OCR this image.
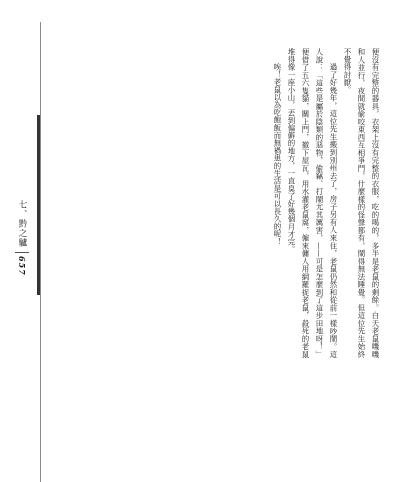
七、黔之驢
657	便沒有完整的器具，衣架上沒有完整的衣服，吃的喝的，多半是老鼠的剩餘。白天老鼠嘰嘰和人並行，夜間就偷咬東西互相爭鬥，什麼樣的怪聲都有，鬧得無法睡覺。但這位先生始終不覺得討厭。

過了好幾年，這位先生搬到別州去了，房子另有人來住，老鼠仍然和從前一樣吵鬧。這人說：「這些是屬於陰類的惡物，偷竊、打鬧尤其厲害，——可是怎麼到了這步田地呀！」便借了五六隻貓，關上門，撤下屋瓦，用水灌老鼠窩，僱來傭人用網羅捉老鼠，殺死的老鼠堆得像一座小山，丟到偏僻的地方，一直臭了好幾個月才完。

唉！老鼠以為吃飽飯而無禍患的生活是可以長久的呢！
